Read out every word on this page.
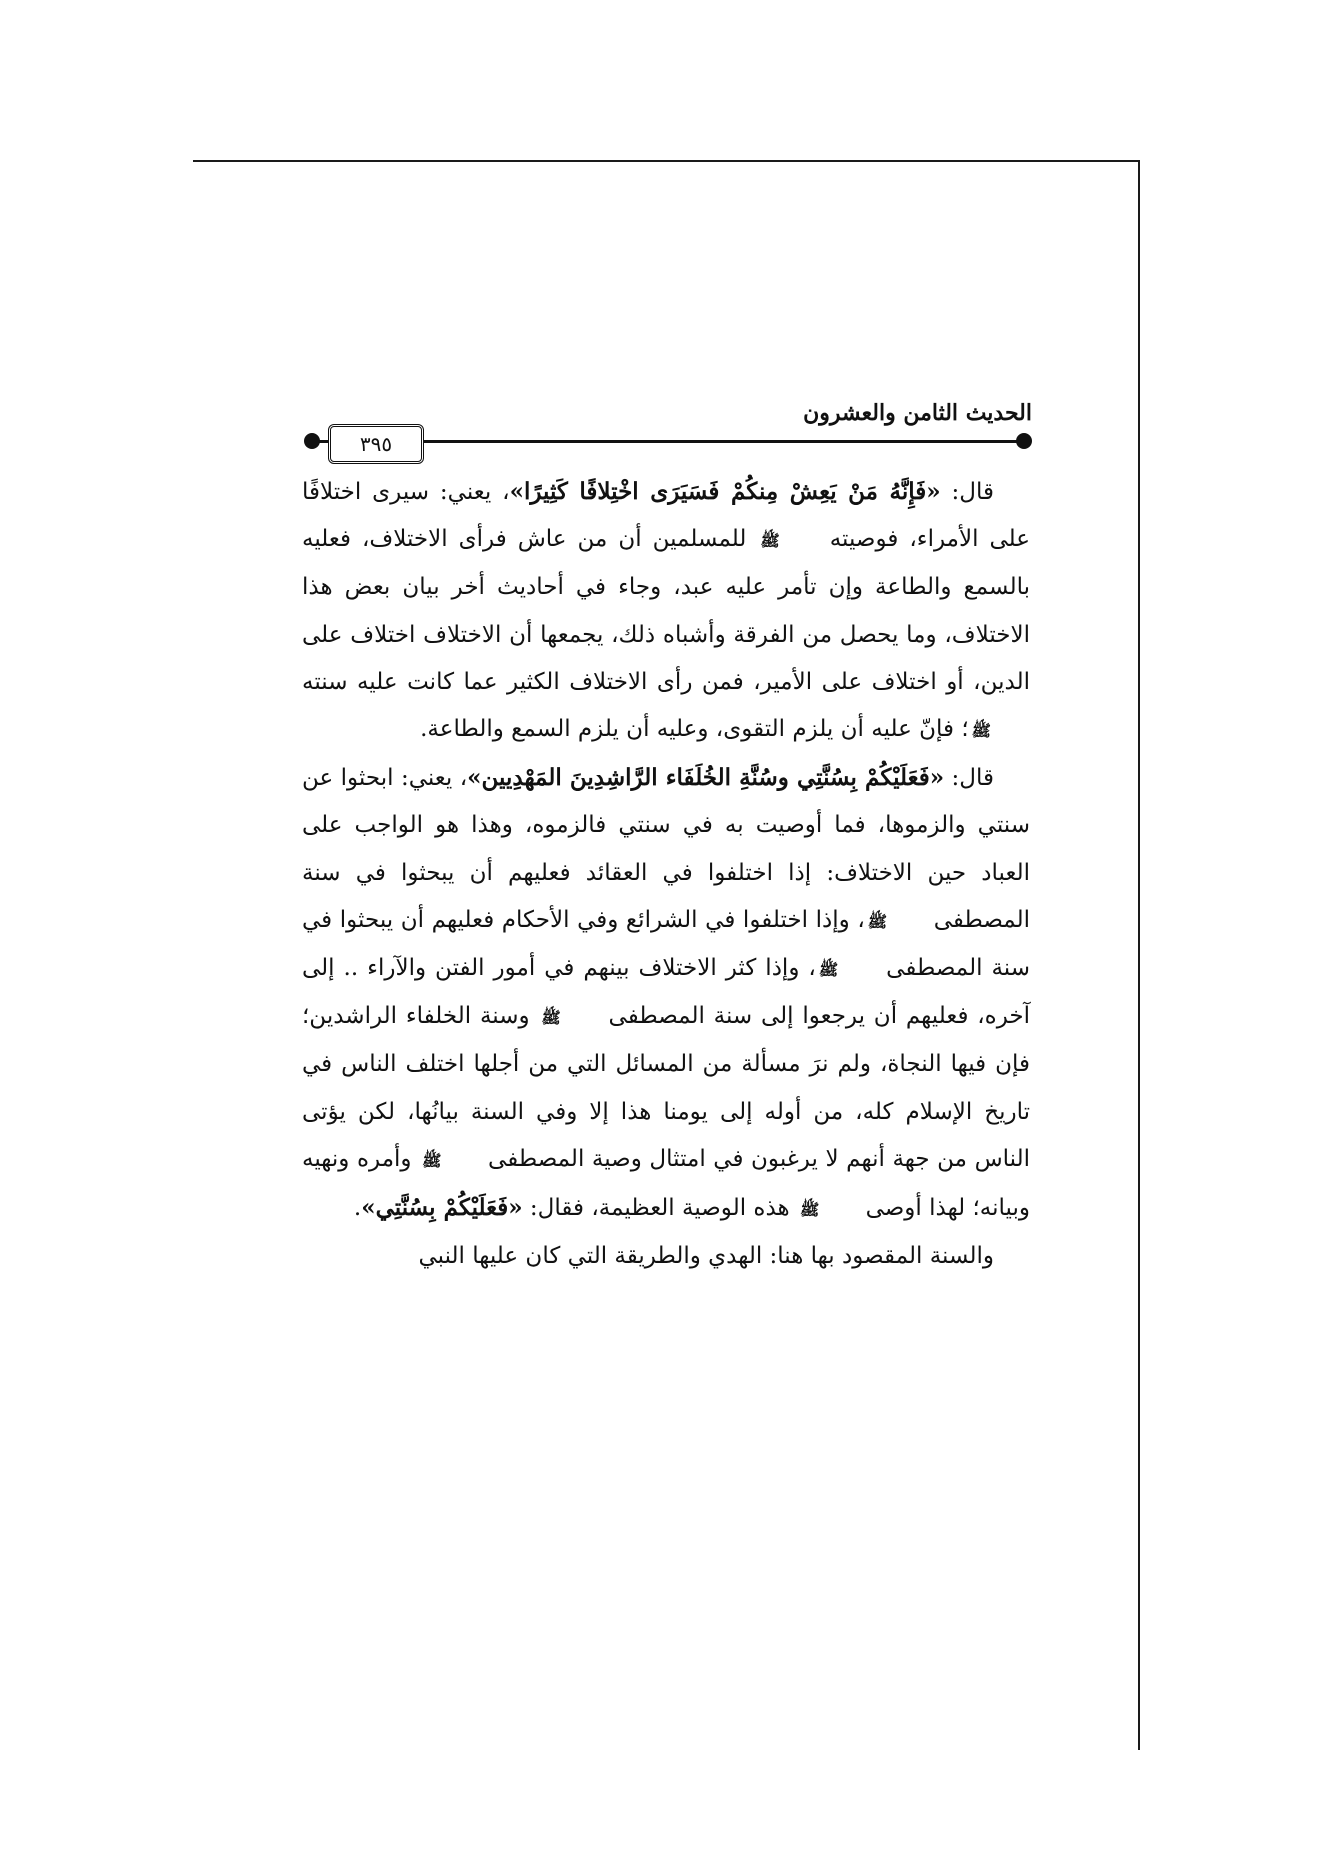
الحديث الثامن والعشرون
٣٩٥

قال: «فَإِنَّهُ مَنْ يَعِشْ مِنكُمْ فَسَيَرَى اخْتِلافًا كَثِيرًا»، يعني: سيرى اختلافًا على الأمراء، فوصيته ﷺ للمسلمين أن من عاش فرأى الاختلاف، فعليه بالسمع والطاعة وإن تأمر عليه عبد، وجاء في أحاديث أخر بيان بعض هذا الاختلاف، وما يحصل من الفرقة وأشباه ذلك، يجمعها أن الاختلاف اختلاف على الدين، أو اختلاف على الأمير، فمن رأى الاختلاف الكثير عما كانت عليه سنته ﷺ؛ فإنّ عليه أن يلزم التقوى، وعليه أن يلزم السمع والطاعة.

قال: «فَعَلَيْكُمْ بِسُنَّتِي وسُنَّةِ الخُلَفَاء الرَّاشِدِينَ المَهْدِيين»، يعني: ابحثوا عن سنتي والزموها، فما أوصيت به في سنتي فالزموه، وهذا هو الواجب على العباد حين الاختلاف: إذا اختلفوا في العقائد فعليهم أن يبحثوا في سنة المصطفى ﷺ، وإذا اختلفوا في الشرائع وفي الأحكام فعليهم أن يبحثوا في سنة المصطفى ﷺ، وإذا كثر الاختلاف بينهم في أمور الفتن والآراء .. إلى آخره، فعليهم أن يرجعوا إلى سنة المصطفى ﷺ وسنة الخلفاء الراشدين؛ فإن فيها النجاة، ولم نرَ مسألة من المسائل التي من أجلها اختلف الناس في تاريخ الإسلام كله، من أوله إلى يومنا هذا إلا وفي السنة بيانُها، لكن يؤتى الناس من جهة أنهم لا يرغبون في امتثال وصية المصطفى ﷺ وأمره ونهيه وبيانه؛ لهذا أوصى ﷺ هذه الوصية العظيمة، فقال: «فَعَلَيْكُمْ بِسُنَّتِي».

والسنة المقصود بها هنا: الهدي والطريقة التي كان عليها النبي
